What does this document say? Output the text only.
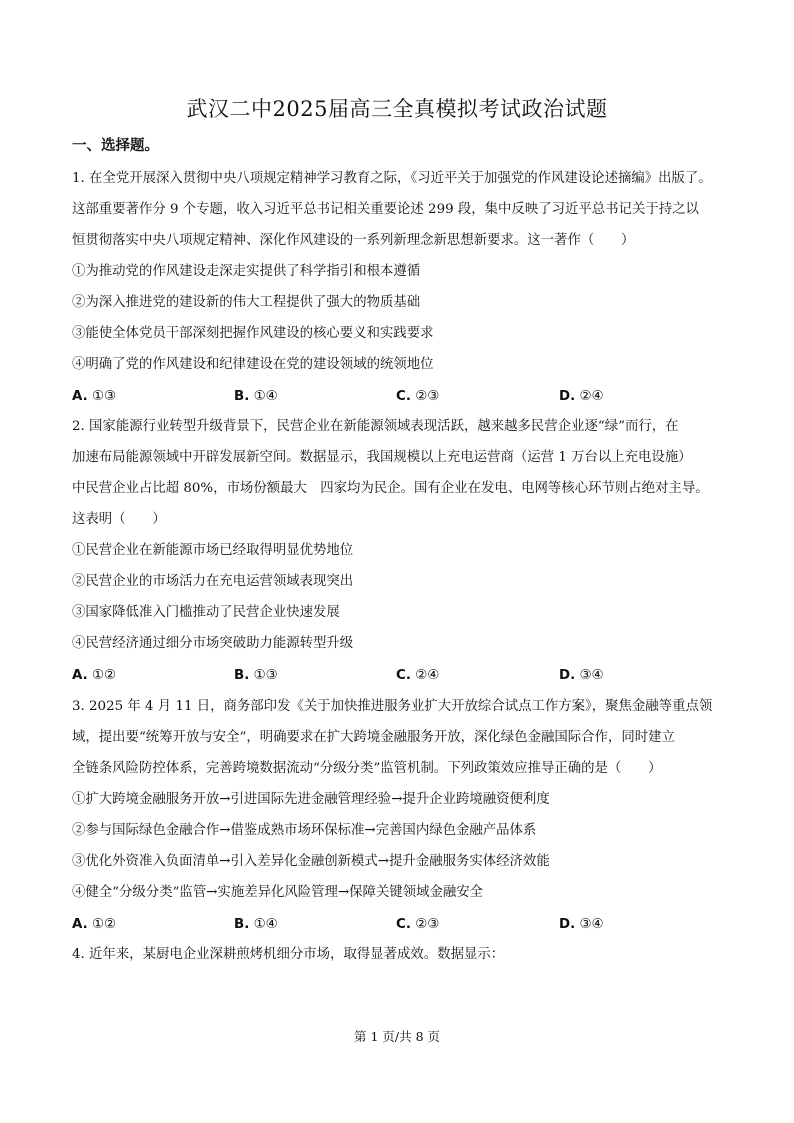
武汉二中2025届高三全真模拟考试政治试题
一、选择题。
1. 在全党开展深入贯彻中央八项规定精神学习教育之际，《习近平关于加强党的作风建设论述摘编》出版了。
这部重要著作分 9 个专题，收入习近平总书记相关重要论述 299 段，集中反映了习近平总书记关于持之以
恒贯彻落实中央八项规定精神、深化作风建设的一系列新理念新思想新要求。这一著作（　　）
①为推动党的作风建设走深走实提供了科学指引和根本遵循
②为深入推进党的建设新的伟大工程提供了强大的物质基础
③能使全体党员干部深刻把握作风建设的核心要义和实践要求
④明确了党的作风建设和纪律建设在党的建设领域的统领地位
A. ①③	B. ①④	C. ②③	D. ②④
2. 国家能源行业转型升级背景下，民营企业在新能源领域表现活跃，越来越多民营企业逐“绿”而行，在
加速布局能源领域中开辟发展新空间。数据显示，我国规模以上充电运营商（运营 1 万台以上充电设施）
中民营企业占比超 80%，市场份额最大　四家均为民企。国有企业在发电、电网等核心环节则占绝对主导。
这表明（　　）
①民营企业在新能源市场已经取得明显优势地位
②民营企业的市场活力在充电运营领域表现突出
③国家降低准入门槛推动了民营企业快速发展
④民营经济通过细分市场突破助力能源转型升级
A. ①②	B. ①③	C. ②④	D. ③④
3. 2025 年 4 月 11 日，商务部印发《关于加快推进服务业扩大开放综合试点工作方案》，聚焦金融等重点领
域，提出要“统筹开放与安全”，明确要求在扩大跨境金融服务开放，深化绿色金融国际合作，同时建立
全链条风险防控体系，完善跨境数据流动“分级分类”监管机制。下列政策效应推导正确的是（　　）
①扩大跨境金融服务开放→引进国际先进金融管理经验→提升企业跨境融资便利度
②参与国际绿色金融合作→借鉴成熟市场环保标准→完善国内绿色金融产品体系
③优化外资准入负面清单→引入差异化金融创新模式→提升金融服务实体经济效能
④健全“分级分类”监管→实施差异化风险管理→保障关键领域金融安全
A. ①②	B. ①④	C. ②③	D. ③④
4. 近年来，某厨电企业深耕煎烤机细分市场，取得显著成效。数据显示：
第 1 页/共 8 页
